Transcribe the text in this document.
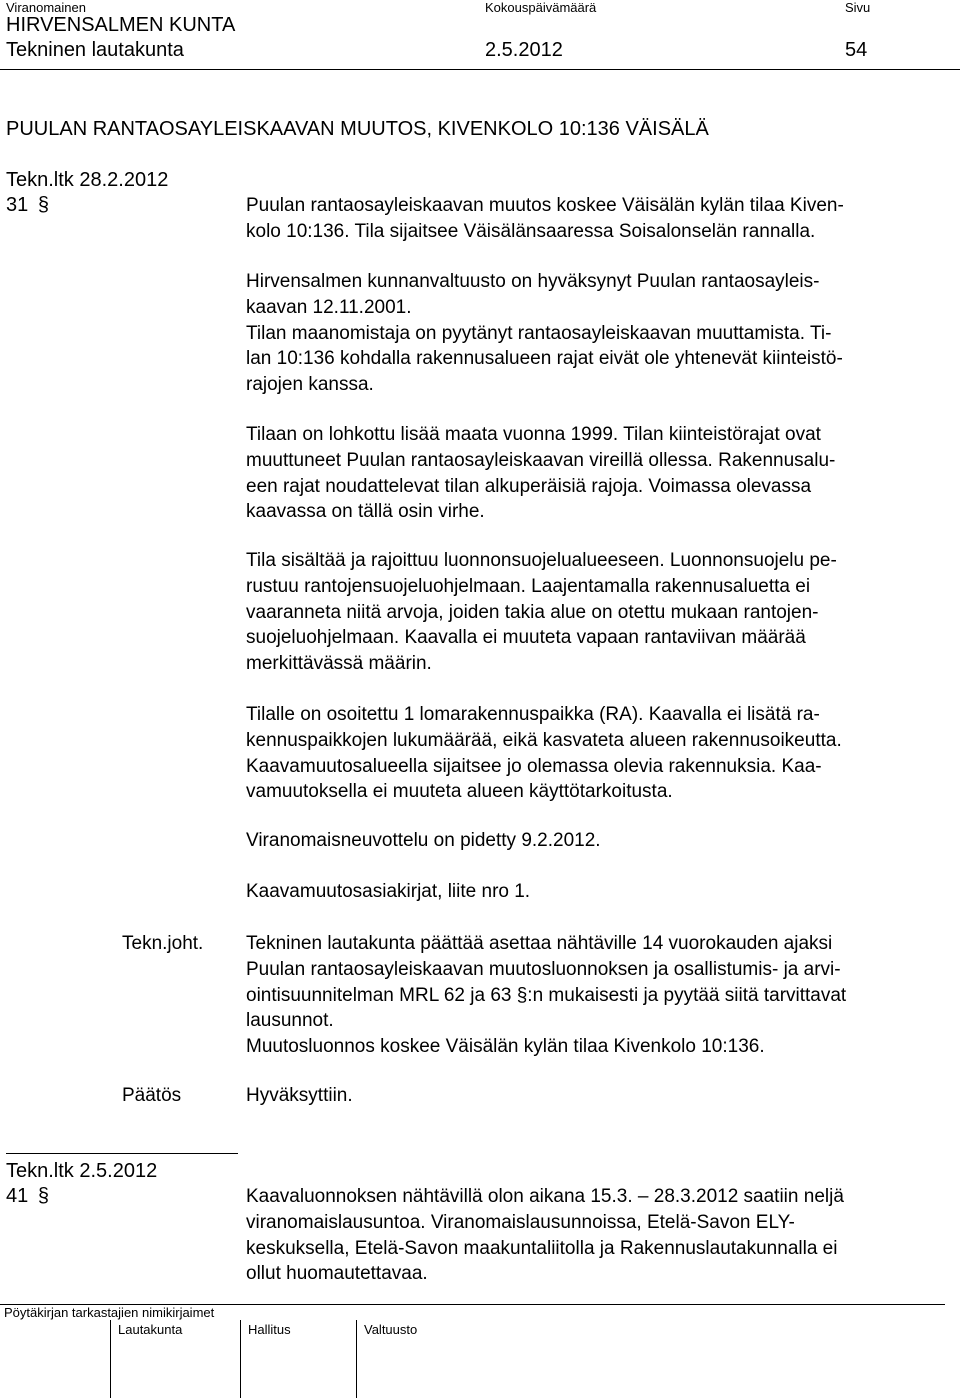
Viranomainen	Kokouspäivämäärä	Sivu
HIRVENSALMEN KUNTA
Tekninen lautakunta	2.5.2012	54
PUULAN RANTAOSAYLEISKAAVAN MUUTOS, KIVENKOLO 10:136 VÄISÄLÄ
Tekn.ltk 28.2.2012
31 §	Puulan rantaosayleiskaavan muutos koskee Väisälän kylän tilaa Kiven-
kolo 10:136. Tila sijaitsee Väisälänsaaressa Soisalonselän rannalla.
Hirvensalmen kunnanvaltuusto on hyväksynyt Puulan rantaosayleis-
kaavan 12.11.2001.
Tilan maanomistaja on pyytänyt rantaosayleiskaavan muuttamista. Ti-
lan 10:136 kohdalla rakennusalueen rajat eivät ole yhtenevät kiinteistö-
rajojen kanssa.
Tilaan on lohkottu lisää maata vuonna 1999. Tilan kiinteistörajat ovat
muuttuneet Puulan rantaosayleiskaavan vireillä ollessa. Rakennusalu-
een rajat noudattelevat tilan alkuperäisiä rajoja. Voimassa olevassa
kaavassa on tällä osin virhe.
Tila sisältää ja rajoittuu luonnonsuojelualueeseen. Luonnonsuojelu pe-
rustuu rantojensuojeluohjelmaan. Laajentamalla rakennusaluetta ei
vaaranneta niitä arvoja, joiden takia alue on otettu mukaan rantojen-
suojeluohjelmaan. Kaavalla ei muuteta vapaan rantaviivan määrää
merkittävässä määrin.
Tilalle on osoitettu 1 lomarakennuspaikka (RA). Kaavalla ei lisätä ra-
kennuspaikkojen lukumäärää, eikä kasvateta alueen rakennusoikeutta.
Kaavamuutosalueella sijaitsee jo olemassa olevia rakennuksia. Kaa-
vamuutoksella ei muuteta alueen käyttötarkoitusta.
Viranomaisneuvottelu on pidetty 9.2.2012.
Kaavamuutosasiakirjat, liite nro 1.
Tekn.joht. Tekninen lautakunta päättää asettaa nähtäville 14 vuorokauden ajaksi
Puulan rantaosayleiskaavan muutosluonnoksen ja osallistumis- ja arvi-
ointisuunnitelman MRL 62 ja 63 §:n mukaisesti ja pyytää siitä tarvittavat
lausunnot.
Muutosluonnos koskee Väisälän kylän tilaa Kivenkolo 10:136.
Päätös	Hyväksyttiin.
Tekn.ltk 2.5.2012
41 §	Kaavaluonnoksen nähtävillä olon aikana 15.3. – 28.3.2012 saatiin neljä
viranomaislausuntoa. Viranomaislausunnoissa, Etelä-Savon ELY-
keskuksella, Etelä-Savon maakuntaliitolla ja Rakennuslautakunnalla ei
ollut huomautettavaa.
Pöytäkirjan tarkastajien nimikirjaimet
Lautakunta	Hallitus	Valtuusto
